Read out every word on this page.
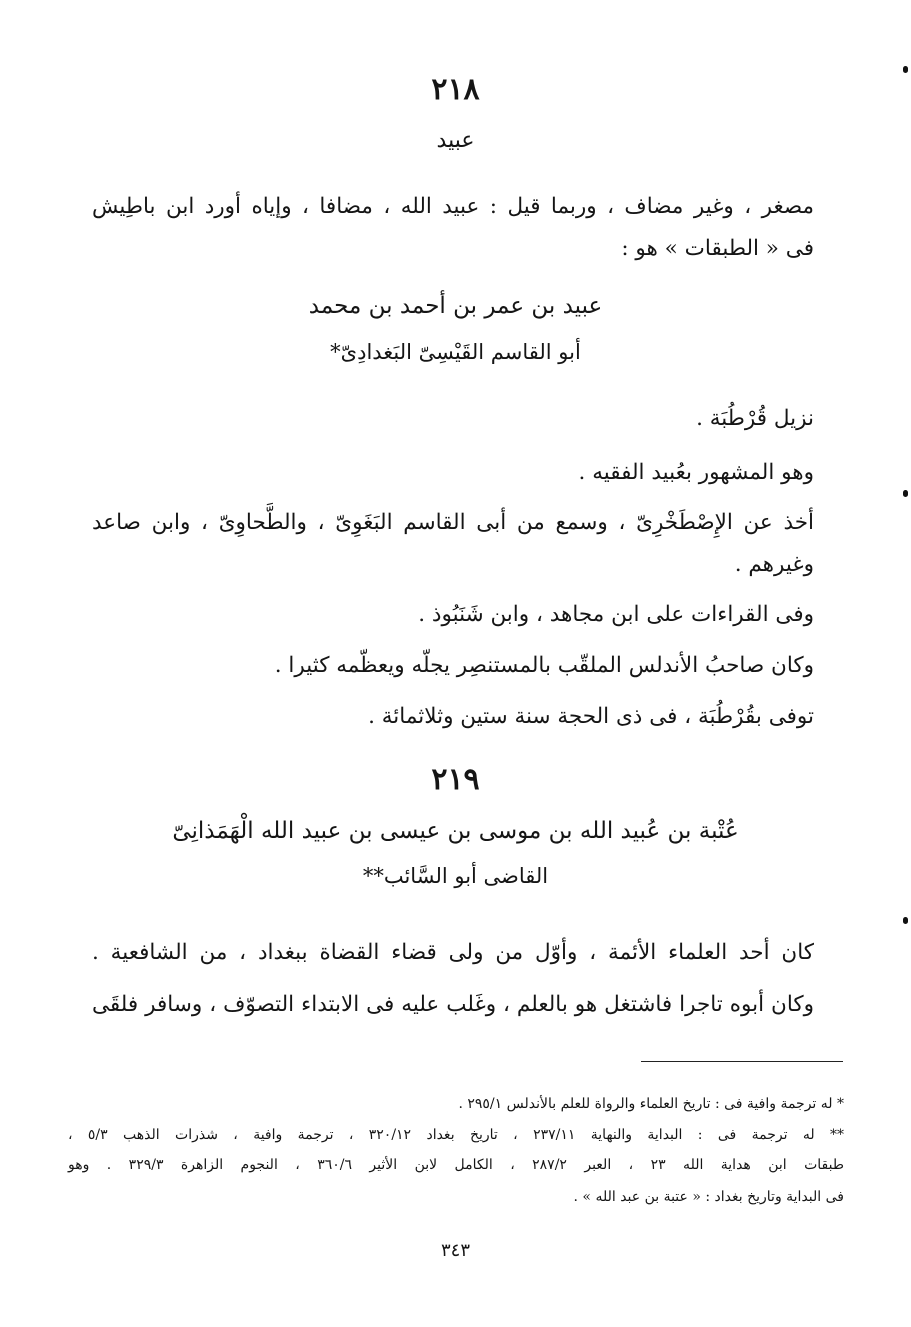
٢١٨
عبيد
مصغر ، وغير مضاف ، وربما قيل : عبيد الله ، مضافا ، وإياه أورد ابن باطِيش
فى « الطبقات » هو :
عبيد بن عمر بن أحمد بن محمد
أبو القاسم القَيْسِىّ البَغدادِىّ*
نزيل قُرْطُبَة .
وهو المشهور بعُبيد الفقيه .
أخذ عن الإِصْطَخْرِىّ ، وسمع من أبى القاسم البَغَوِىّ ، والطَّحاوِىّ ، وابن صاعد
وغيرهم .
وفى القراءات على ابن مجاهد ، وابن شَنَبُوذ .
وكان صاحبُ الأندلس الملقّب بالمستنصِر يجلّه ويعظّمه كثيرا .
توفى بقُرْطُبَة ، فى ذى الحجة سنة ستين وثلاثمائة .
٢١٩
عُتْبة بن عُبيد الله بن موسى بن عيسى بن عبيد الله الْهَمَذانِىّ
القاضى أبو السَّائب**
كان أحد العلماء الأئمة ، وأوّل من ولى قضاء القضاة ببغداد ، من الشافعية .
وكان أبوه تاجرا فاشتغل هو بالعلم ، وغَلب عليه فى الابتداء التصوّف ، وسافر فلقَى
* له ترجمة وافية فى : تاريخ العلماء والرواة للعلم بالأندلس ٢٩٥/١ .
** له ترجمة فى : البداية والنهاية ٢٣٧/١١ ، تاريخ بغداد ٣٢٠/١٢ ، ترجمة وافية ، شذرات الذهب ٥/٣ ،
طبقات ابن هداية الله ٢٣ ، العبر ٢٨٧/٢ ، الكامل لابن الأثير ٣٦٠/٦ ، النجوم الزاهرة ٣٢٩/٣ . وهو
فى البداية وتاريخ بغداد : « عتبة بن عبد الله » .
٣٤٣
